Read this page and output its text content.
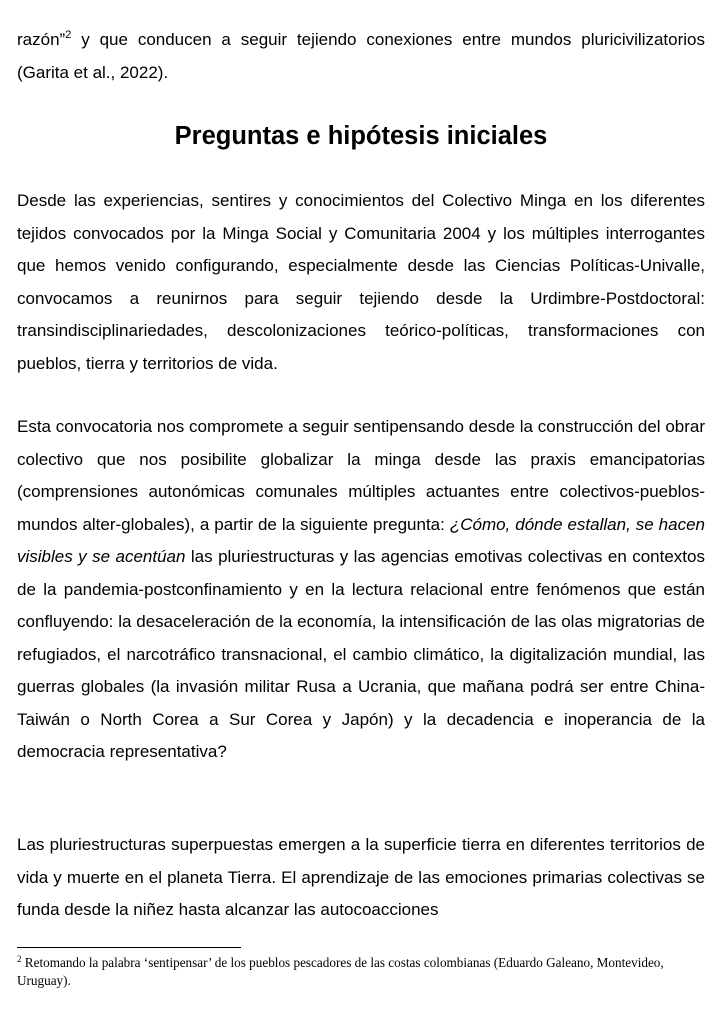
razón”$^2$ y que conducen a seguir tejiendo conexiones entre mundos pluricivilizatorios (Garita et al., 2022).

Preguntas e hipótesis iniciales

Desde las experiencias, sentires y conocimientos del Colectivo Minga en los diferentes tejidos convocados por la Minga Social y Comunitaria 2004 y los múltiples interrogantes que hemos venido configurando, especialmente desde las Ciencias Políticas-Univalle, convocamos a reunirnos para seguir tejiendo desde la Urdimbre-Postdoctoral: transindisciplinariedades, descolonizaciones teórico-políticas, transformaciones con pueblos, tierra y territorios de vida.

Esta convocatoria nos compromete a seguir sentipensando desde la construcción del obrar colectivo que nos posibilite globalizar la minga desde las praxis emancipatorias (comprensiones autonómicas comunales múltiples actuantes entre colectivos-pueblos-mundos alter-globales), a partir de la siguiente pregunta: ¿Cómo, dónde estallan, se hacen visibles y se acentúan las pluriestructuras y las agencias emotivas colectivas en contextos de la pandemia-postconfinamiento y en la lectura relacional entre fenómenos que están confluyendo: la desaceleración de la economía, la intensificación de las olas migratorias de refugiados, el narcotráfico transnacional, el cambio climático, la digitalización mundial, las guerras globales (la invasión militar Rusa a Ucrania, que mañana podrá ser entre China-Taiwán o North Corea a Sur Corea y Japón) y la decadencia e inoperancia de la democracia representativa?

Las pluriestructuras superpuestas emergen a la superficie tierra en diferentes territorios de vida y muerte en el planeta Tierra. El aprendizaje de las emociones primarias colectivas se funda desde la niñez hasta alcanzar las autocoacciones

$^2$ Retomando la palabra ‘sentipensar’ de los pueblos pescadores de las costas colombianas (Eduardo Galeano, Montevideo, Uruguay).
